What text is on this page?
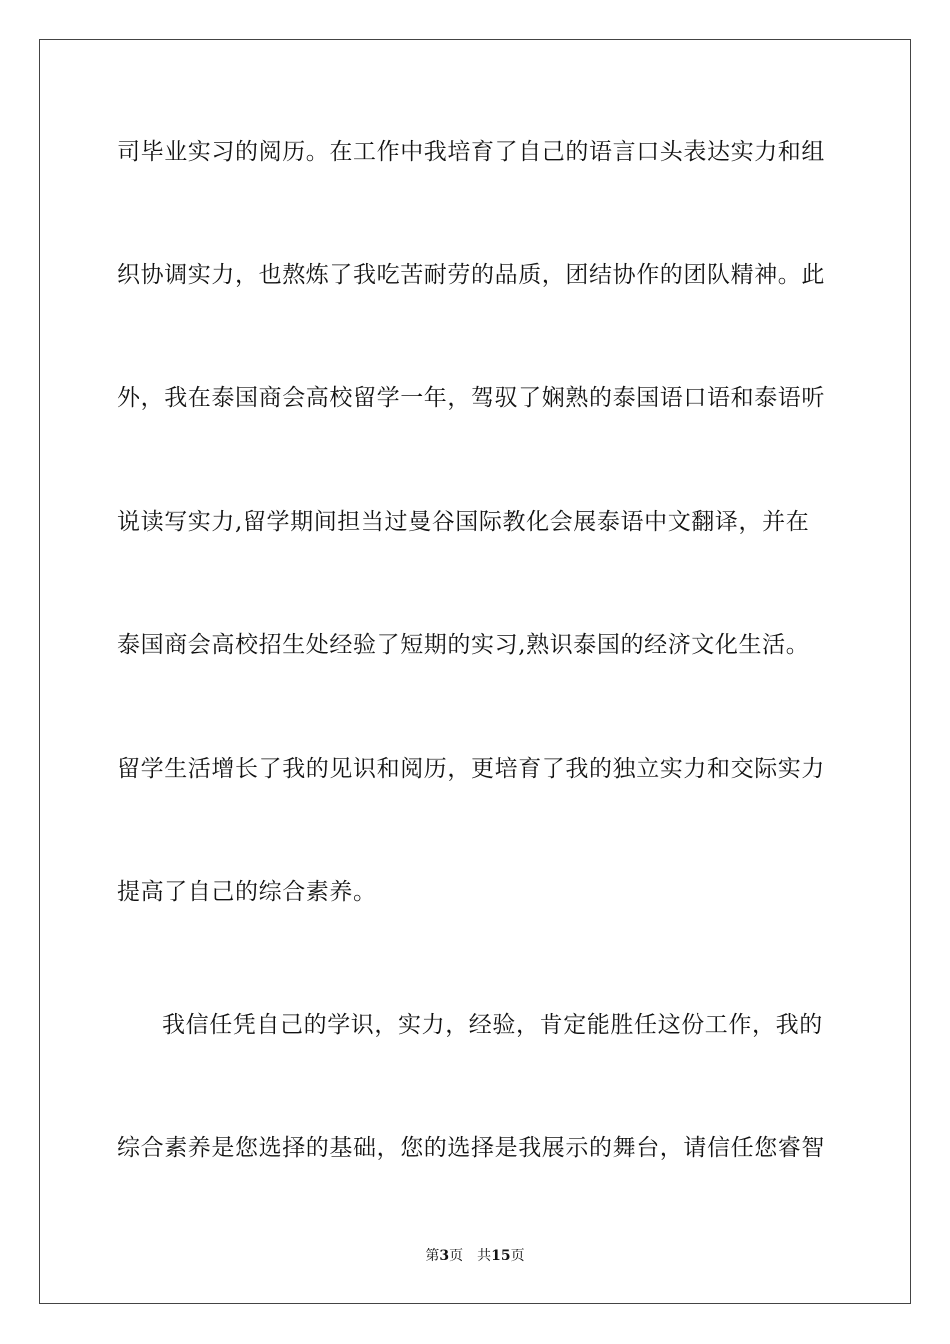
司毕业实习的阅历。在工作中我培育了自己的语言口头表达实力和组
织协调实力，也熬炼了我吃苦耐劳的品质，团结协作的团队精神。此
外，我在泰国商会高校留学一年，驾驭了娴熟的泰国语口语和泰语听
说读写实力,留学期间担当过曼谷国际教化会展泰语中文翻译，并在
泰国商会高校招生处经验了短期的实习,熟识泰国的经济文化生活。
留学生活增长了我的见识和阅历，更培育了我的独立实力和交际实力
提高了自己的综合素养。
我信任凭自己的学识，实力，经验，肯定能胜任这份工作，我的
综合素养是您选择的基础，您的选择是我展示的舞台，请信任您睿智
第3页 共15页
